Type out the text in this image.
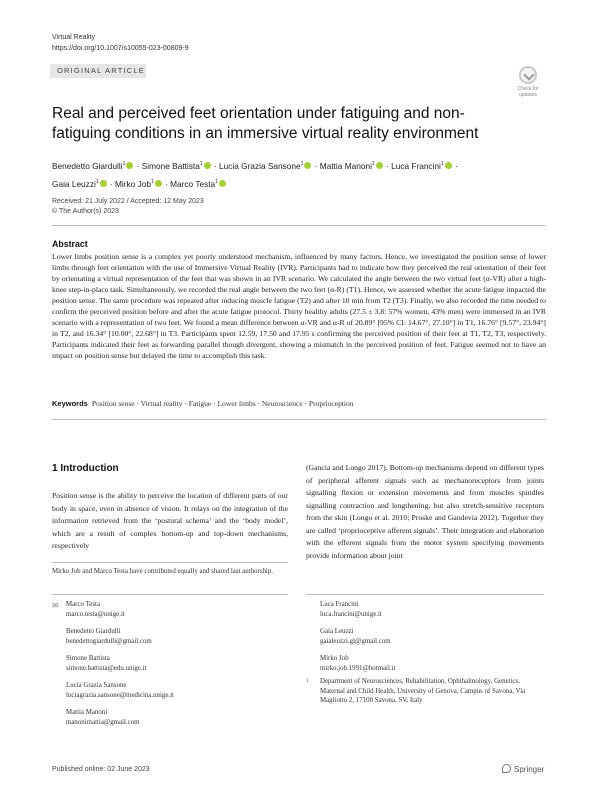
Virtual Reality
https://doi.org/10.1007/s10055-023-00809-9
ORIGINAL ARTICLE
Check for
updates
Real and perceived feet orientation under fatiguing and non-fatiguing conditions in an immersive virtual reality environment
Benedetto Giardulli$^1$ · Simone Battista$^1$ · Lucia Grazia Sansone$^1$ · Mattia Manoni$^1$ · Luca Francini$^1$ ·
Gaia Leuzzi$^1$ · Mirko Job$^1$ · Marco Testa$^1$
Received: 21 July 2022 / Accepted: 12 May 2023
© The Author(s) 2023
Abstract

Lower limbs position sense is a complex yet poorly understood mechanism, influenced by many factors. Hence, we investigated the position sense of lower limbs through feet orientation with the use of Immersive Virtual Reality (IVR). Participants had to indicate how they perceived the real orientation of their feet by orientating a virtual representation of the feet that was shown in an IVR scenario. We calculated the angle between the two virtual feet (α-VR) after a high-knee step-in-place task. Simultaneously, we recorded the real angle between the two feet (α-R) (T1). Hence, we assessed whether the acute fatigue impacted the position sense. The same procedure was repeated after inducing muscle fatigue (T2) and after 10 min from T2 (T3). Finally, we also recorded the time needed to confirm the perceived position before and after the acute fatigue protocol. Thirty healthy adults (27.5 ± 3.8: 57% women, 43% men) were immersed in an IVR scenario with a representation of two feet. We found a mean difference between α-VR and α-R of 20.89° [95% CI: 14.67°, 27.10°] in T1, 16.76° [9.57°, 23.94°] in T2, and 16.34° [10.00°, 22.68°] in T3. Participants spent 12.59, 17.50 and 17.95 s confirming the perceived position of their feet at T1, T2, T3, respectively. Participants indicated their feet as forwarding parallel though divergent, showing a mismatch in the perceived position of feet. Fatigue seemed not to have an impact on position sense but delayed the time to accomplish this task.

Keywords Position sense · Virtual reality · Fatigue · Lower limbs · Neuroscience · Proprioception
1 Introduction

Position sense is the ability to perceive the location of different parts of our body in space, even in absence of vision. It relays on the integration of the information retrieved from the ‘postural schema’ and the ‘body model’, which are a result of complex bottom-up and top-down mechanisms, respectively

(Gancia and Longo 2017). Bottom-up mechanisms depend on different types of peripheral afferent signals such as mechanoreceptors from joints signalling flexion or extension movements and from muscles spindles signalling contraction and lengthening, but also stretch-sensitive receptors from the skin (Longo et al. 2010; Proske and Gandevia 2012). Together they are called ‘proprioceptive afferent signals’. Their integration and elaboration with the efferent signals from the motor system specifying movements provide information about joint

Mirko Job and Marco Testa have contributed equally and shared last authorship.
✉ Marco Testa
marco.testa@unige.it
Benedetto Giardulli
benedettogiardulli@gmail.com
Simone Battista
simone.battista@edu.unige.it
Lucia Grazia Sansone
luciagrazia.sansone@medicina.unige.it
Mattia Manoni
manonimattia@gmail.com
Luca Francini
luca.francini@unige.it
Gaia Leuzzi
gaialeuzzi.gl@gmail.com
Mirko Job
mirko.job.1991@hotmail.it
1	Department of Neurosciences, Rehabilitation, Ophthalmology, Genetics, Maternal and Child Health, University of Genova, Campus of Savona, Via Magliotto 2, 17100 Savona, SV, Italy
Published online: 02 June 2023	Springer
